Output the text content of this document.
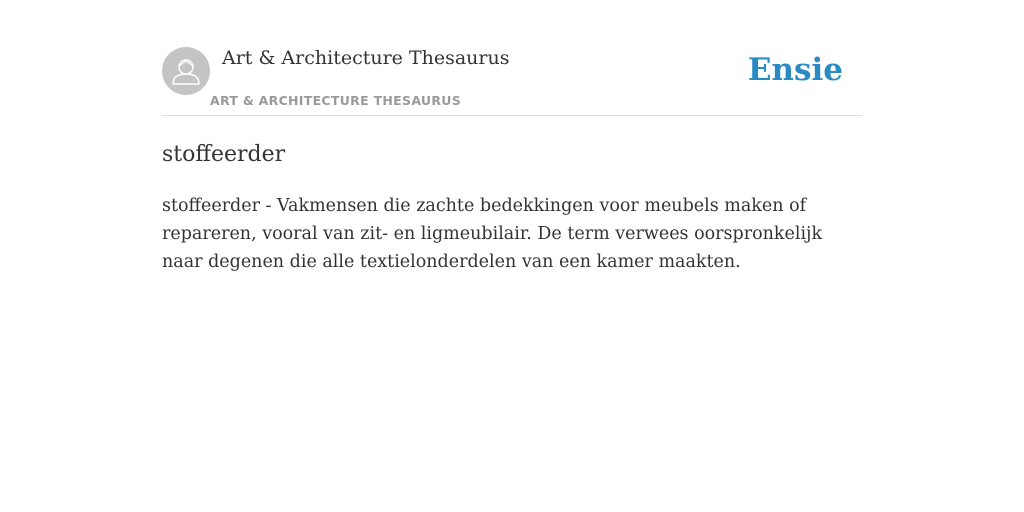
Art & Architecture Thesaurus
ART & ARCHITECTURE THESAURUS
Ensie
stoffeerder

stoffeerder - Vakmensen die zachte bedekkingen voor meubels maken of repareren, vooral van zit- en ligmeubilair. De term verwees oorspronkelijk naar degenen die alle textielonderdelen van een kamer maakten.
